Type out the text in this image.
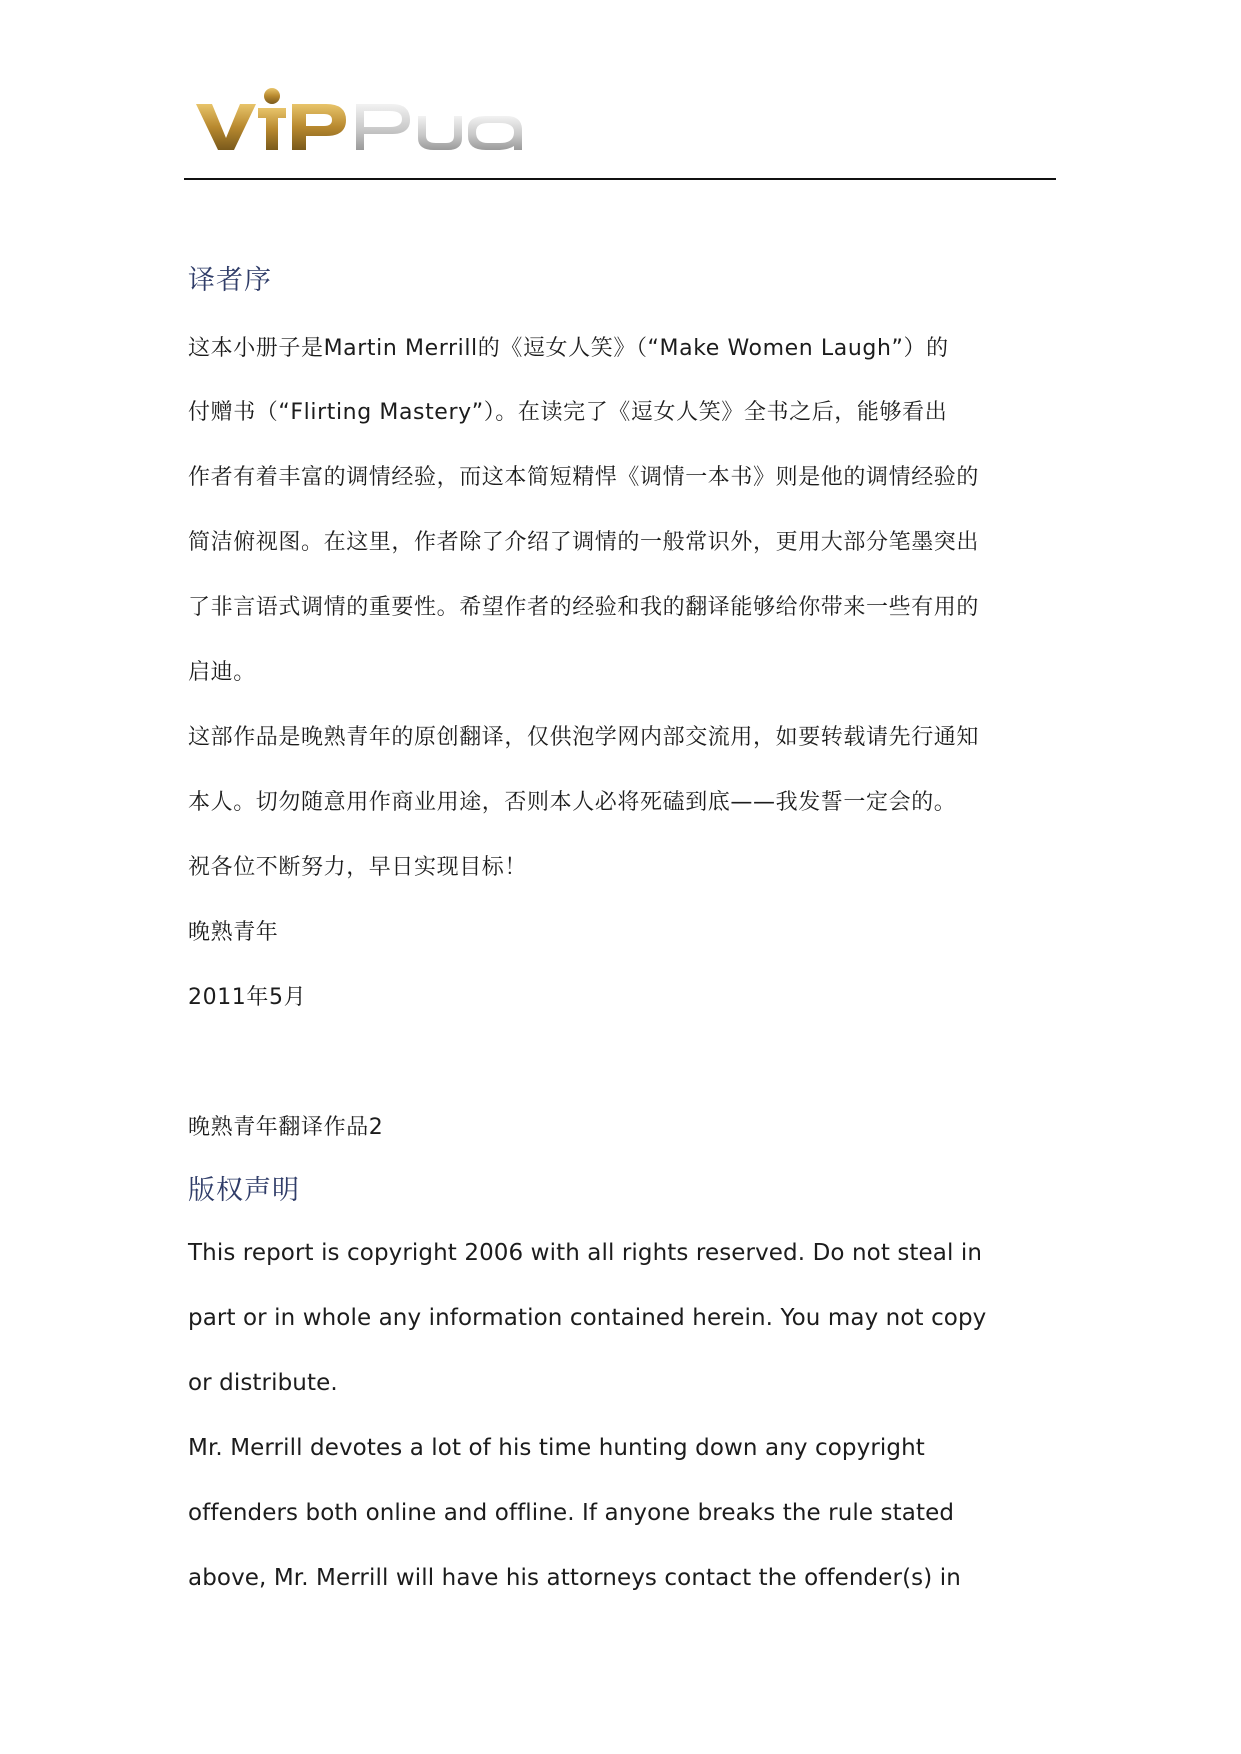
译者序
这本小册子是Martin Merrill的《逗女人笑》（“Make Women Laugh”）的
付赠书（“Flirting Mastery”）。在读完了《逗女人笑》全书之后，能够看出
作者有着丰富的调情经验，而这本简短精悍《调情一本书》则是他的调情经验的
简洁俯视图。在这里，作者除了介绍了调情的一般常识外，更用大部分笔墨突出
了非言语式调情的重要性。希望作者的经验和我的翻译能够给你带来一些有用的
启迪。
这部作品是晚熟青年的原创翻译，仅供泡学网内部交流用，如要转载请先行通知
本人。切勿随意用作商业用途，否则本人必将死磕到底——我发誓一定会的。
祝各位不断努力，早日实现目标！
晚熟青年
2011年5月
晚熟青年翻译作品2
版权声明
This report is copyright 2006 with all rights reserved. Do not steal in
part or in whole any information contained herein. You may not copy
or distribute.
Mr. Merrill devotes a lot of his time hunting down any copyright
offenders both online and offline. If anyone breaks the rule stated
above, Mr. Merrill will have his attorneys contact the offender(s) in
